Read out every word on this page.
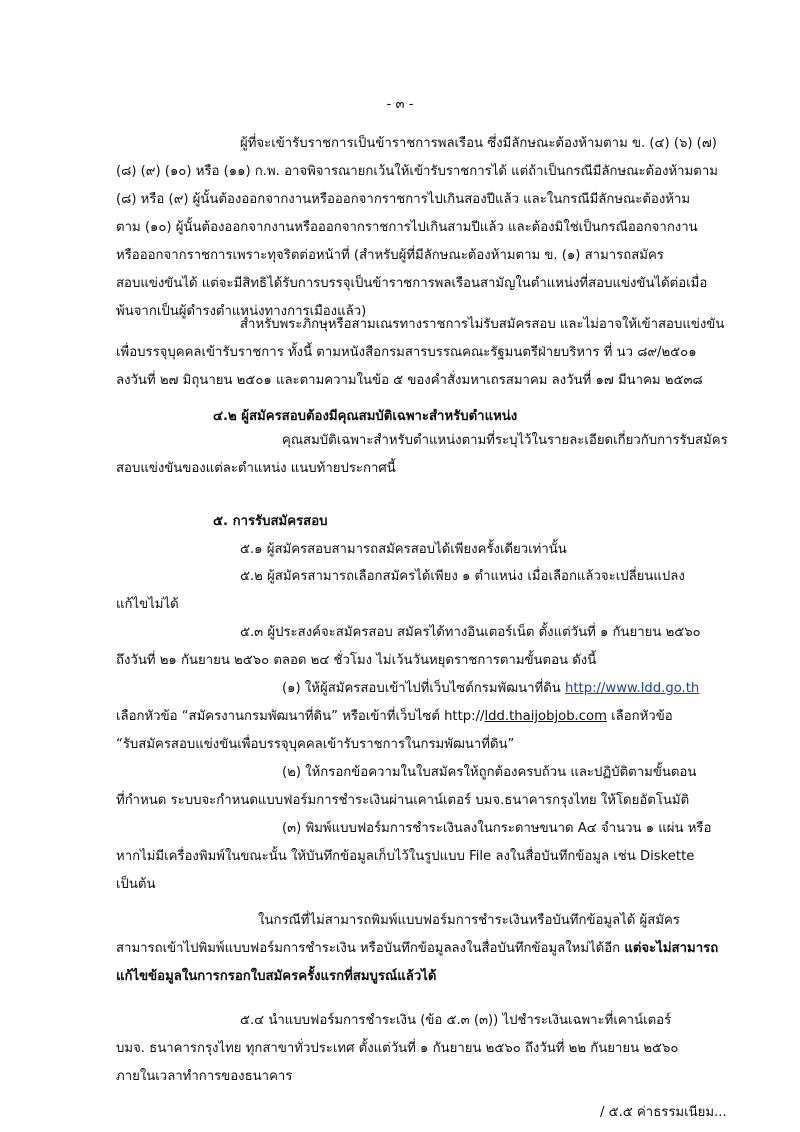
- ๓ -
ผู้ที่จะเข้ารับราชการเป็นข้าราชการพลเรือน ซึ่งมีลักษณะต้องห้ามตาม ข. (๔) (๖) (๗)
(๘) (๙) (๑๐) หรือ (๑๑) ก.พ. อาจพิจารณายกเว้นให้เข้ารับราชการได้ แต่ถ้าเป็นกรณีมีลักษณะต้องห้ามตาม
(๘) หรือ (๙) ผู้นั้นต้องออกจากงานหรือออกจากราชการไปเกินสองปีแล้ว และในกรณีมีลักษณะต้องห้าม
ตาม (๑๐) ผู้นั้นต้องออกจากงานหรือออกจากราชการไปเกินสามปีแล้ว และต้องมิใช่เป็นกรณีออกจากงาน
หรือออกจากราชการเพราะทุจริตต่อหน้าที่ (สำหรับผู้ที่มีลักษณะต้องห้ามตาม ข. (๑) สามารถสมัคร
สอบแข่งขันได้ แต่จะมีสิทธิได้รับการบรรจุเป็นข้าราชการพลเรือนสามัญในตำแหน่งที่สอบแข่งขันได้ต่อเมื่อ
พ้นจากเป็นผู้ดำรงตำแหน่งทางการเมืองแล้ว)
สำหรับพระภิกษุหรือสามเณรทางราชการไม่รับสมัครสอบ และไม่อาจให้เข้าสอบแข่งขัน
เพื่อบรรจุบุคคลเข้ารับราชการ ทั้งนี้ ตามหนังสือกรมสารบรรณคณะรัฐมนตรีฝ่ายบริหาร ที่ นว ๘๙/๒๕๐๑
ลงวันที่ ๒๗ มิถุนายน ๒๕๐๑ และตามความในข้อ ๕ ของคำสั่งมหาเถรสมาคม ลงวันที่ ๑๗ มีนาคม ๒๕๓๘
๔.๒ ผู้สมัครสอบต้องมีคุณสมบัติเฉพาะสำหรับตำแหน่ง
คุณสมบัติเฉพาะสำหรับตำแหน่งตามที่ระบุไว้ในรายละเอียดเกี่ยวกับการรับสมัคร
สอบแข่งขันของแต่ละตำแหน่ง แนบท้ายประกาศนี้
๕. การรับสมัครสอบ
๕.๑ ผู้สมัครสอบสามารถสมัครสอบได้เพียงครั้งเดียวเท่านั้น
๕.๒ ผู้สมัครสามารถเลือกสมัครได้เพียง ๑ ตำแหน่ง เมื่อเลือกแล้วจะเปลี่ยนแปลง
แก้ไขไม่ได้
๕.๓ ผู้ประสงค์จะสมัครสอบ สมัครได้ทางอินเตอร์เน็ต ตั้งแต่วันที่ ๑ กันยายน ๒๕๖๐
ถึงวันที่ ๒๑ กันยายน ๒๕๖๐ ตลอด ๒๔ ชั่วโมง ไม่เว้นวันหยุดราชการตามขั้นตอน ดังนี้
(๑) ให้ผู้สมัครสอบเข้าไปที่เว็บไซต์กรมพัฒนาที่ดิน http://www.ldd.go.th
เลือกหัวข้อ “สมัครงานกรมพัฒนาที่ดิน” หรือเข้าที่เว็บไซต์ http://ldd.thaijobjob.com เลือกหัวข้อ
“รับสมัครสอบแข่งขันเพื่อบรรจุบุคคลเข้ารับราชการในกรมพัฒนาที่ดิน”
(๒) ให้กรอกข้อความในใบสมัครให้ถูกต้องครบถ้วน และปฏิบัติตามขั้นตอน
ที่กำหนด ระบบจะกำหนดแบบฟอร์มการชำระเงินผ่านเคาน์เตอร์ บมจ.ธนาคารกรุงไทย ให้โดยอัตโนมัติ
(๓) พิมพ์แบบฟอร์มการชำระเงินลงในกระดาษขนาด A๔ จำนวน ๑ แผ่น หรือ
หากไม่มีเครื่องพิมพ์ในขณะนั้น ให้บันทึกข้อมูลเก็บไว้ในรูปแบบ File ลงในสื่อบันทึกข้อมูล เช่น Diskette
เป็นต้น
ในกรณีที่ไม่สามารถพิมพ์แบบฟอร์มการชำระเงินหรือบันทึกข้อมูลได้ ผู้สมัคร
สามารถเข้าไปพิมพ์แบบฟอร์มการชำระเงิน หรือบันทึกข้อมูลลงในสื่อบันทึกข้อมูลใหม่ได้อีก แต่จะไม่สามารถ
แก้ไขข้อมูลในการกรอกใบสมัครครั้งแรกที่สมบูรณ์แล้วได้
๕.๔ นำแบบฟอร์มการชำระเงิน (ข้อ ๕.๓ (๓)) ไปชำระเงินเฉพาะที่เคาน์เตอร์
บมจ. ธนาคารกรุงไทย ทุกสาขาทั่วประเทศ ตั้งแต่วันที่ ๑ กันยายน ๒๕๖๐ ถึงวันที่ ๒๒ กันยายน ๒๕๖๐
ภายในเวลาทำการของธนาคาร
/ ๕.๕ ค่าธรรมเนียม...
